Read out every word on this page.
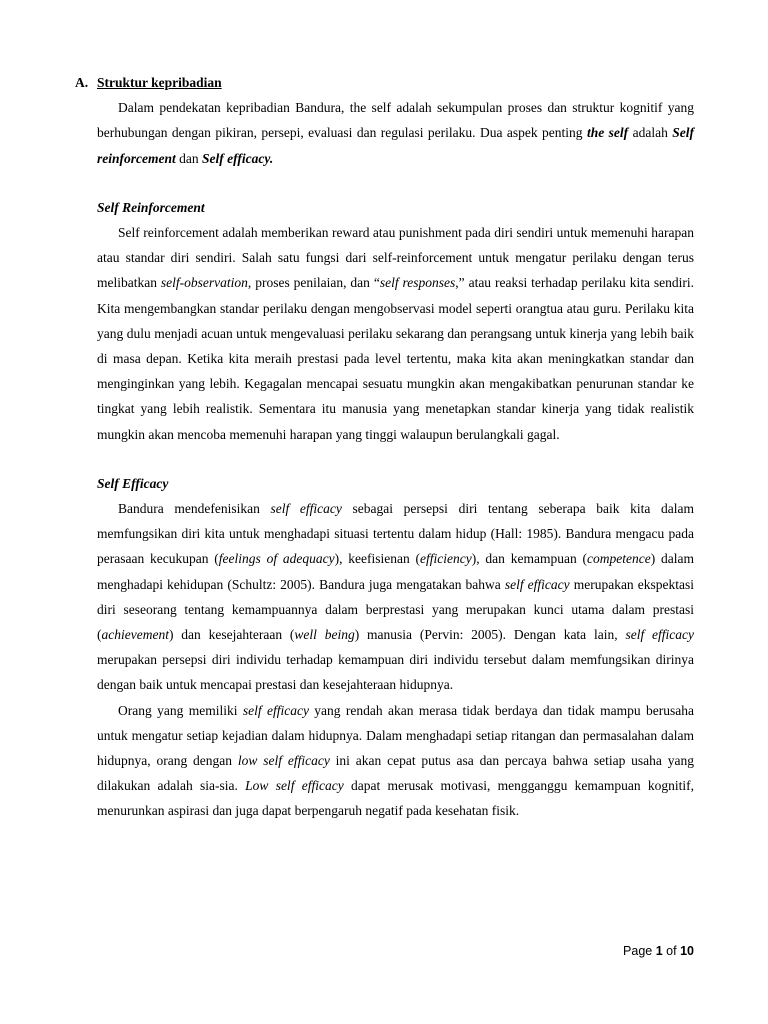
A. Struktur kepribadian

Dalam pendekatan kepribadian Bandura, the self adalah sekumpulan proses dan struktur kognitif yang berhubungan dengan pikiran, persepi, evaluasi dan regulasi perilaku. Dua aspek penting the self adalah Self reinforcement dan Self efficacy.

Self Reinforcement

Self reinforcement adalah memberikan reward atau punishment pada diri sendiri untuk memenuhi harapan atau standar diri sendiri. Salah satu fungsi dari self-reinforcement untuk mengatur perilaku dengan terus melibatkan self-observation, proses penilaian, dan “self responses,” atau reaksi terhadap perilaku kita sendiri. Kita mengembangkan standar perilaku dengan mengobservasi model seperti orangtua atau guru. Perilaku kita yang dulu menjadi acuan untuk mengevaluasi perilaku sekarang dan perangsang untuk kinerja yang lebih baik di masa depan. Ketika kita meraih prestasi pada level tertentu, maka kita akan meningkatkan standar dan menginginkan yang lebih. Kegagalan mencapai sesuatu mungkin akan mengakibatkan penurunan standar ke tingkat yang lebih realistik. Sementara itu manusia yang menetapkan standar kinerja yang tidak realistik mungkin akan mencoba memenuhi harapan yang tinggi walaupun berulangkali gagal.

Self Efficacy

Bandura mendefenisikan self efficacy sebagai persepsi diri tentang seberapa baik kita dalam memfungsikan diri kita untuk menghadapi situasi tertentu dalam hidup (Hall: 1985). Bandura mengacu pada perasaan kecukupan (feelings of adequacy), keefisienan (efficiency), dan kemampuan (competence) dalam menghadapi kehidupan (Schultz: 2005). Bandura juga mengatakan bahwa self efficacy merupakan ekspektasi diri seseorang tentang kemampuannya dalam berprestasi yang merupakan kunci utama dalam prestasi (achievement) dan kesejahteraan (well being) manusia (Pervin: 2005). Dengan kata lain, self efficacy merupakan persepsi diri individu terhadap kemampuan diri individu tersebut dalam memfungsikan dirinya dengan baik untuk mencapai prestasi dan kesejahteraan hidupnya.

Orang yang memiliki self efficacy yang rendah akan merasa tidak berdaya dan tidak mampu berusaha untuk mengatur setiap kejadian dalam hidupnya. Dalam menghadapi setiap ritangan dan permasalahan dalam hidupnya, orang dengan low self efficacy ini akan cepat putus asa dan percaya bahwa setiap usaha yang dilakukan adalah sia-sia. Low self efficacy dapat merusak motivasi, mengganggu kemampuan kognitif, menurunkan aspirasi dan juga dapat berpengaruh negatif pada kesehatan fisik.

Page 1 of 10
